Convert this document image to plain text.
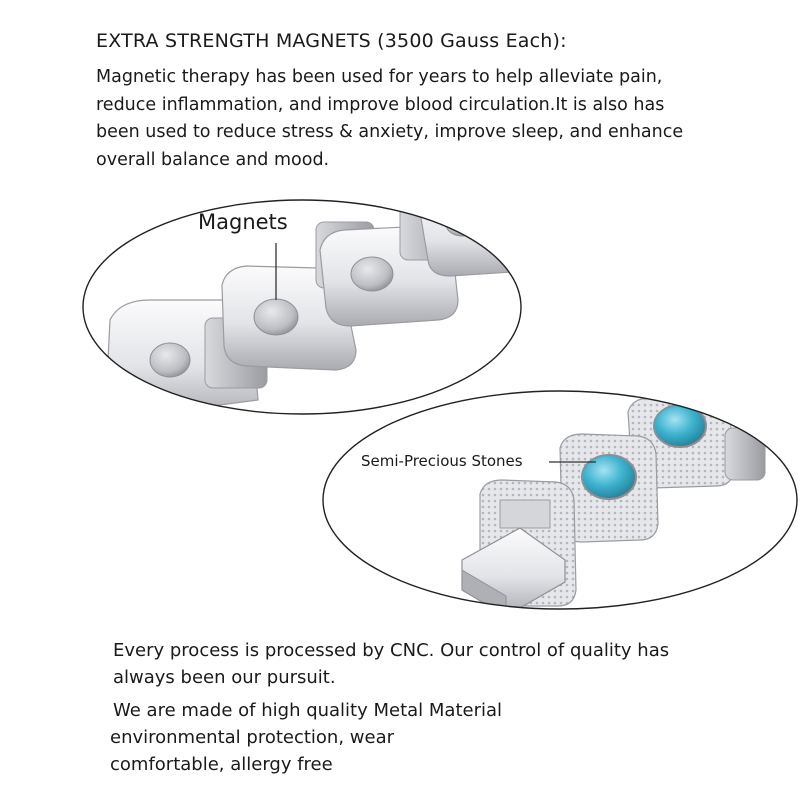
EXTRA STRENGTH MAGNETS (3500 Gauss Each):
Magnetic therapy has been used for years to help alleviate pain,
reduce inflammation, and improve blood circulation.It is also has
been used to reduce stress & anxiety, improve sleep, and enhance
overall balance and mood.
Magnets
Semi-Precious Stones
Every process is processed by CNC. Our control of quality has
always been our pursuit.
We are made of high quality Metal Material
environmental protection, wear
comfortable, allergy free
